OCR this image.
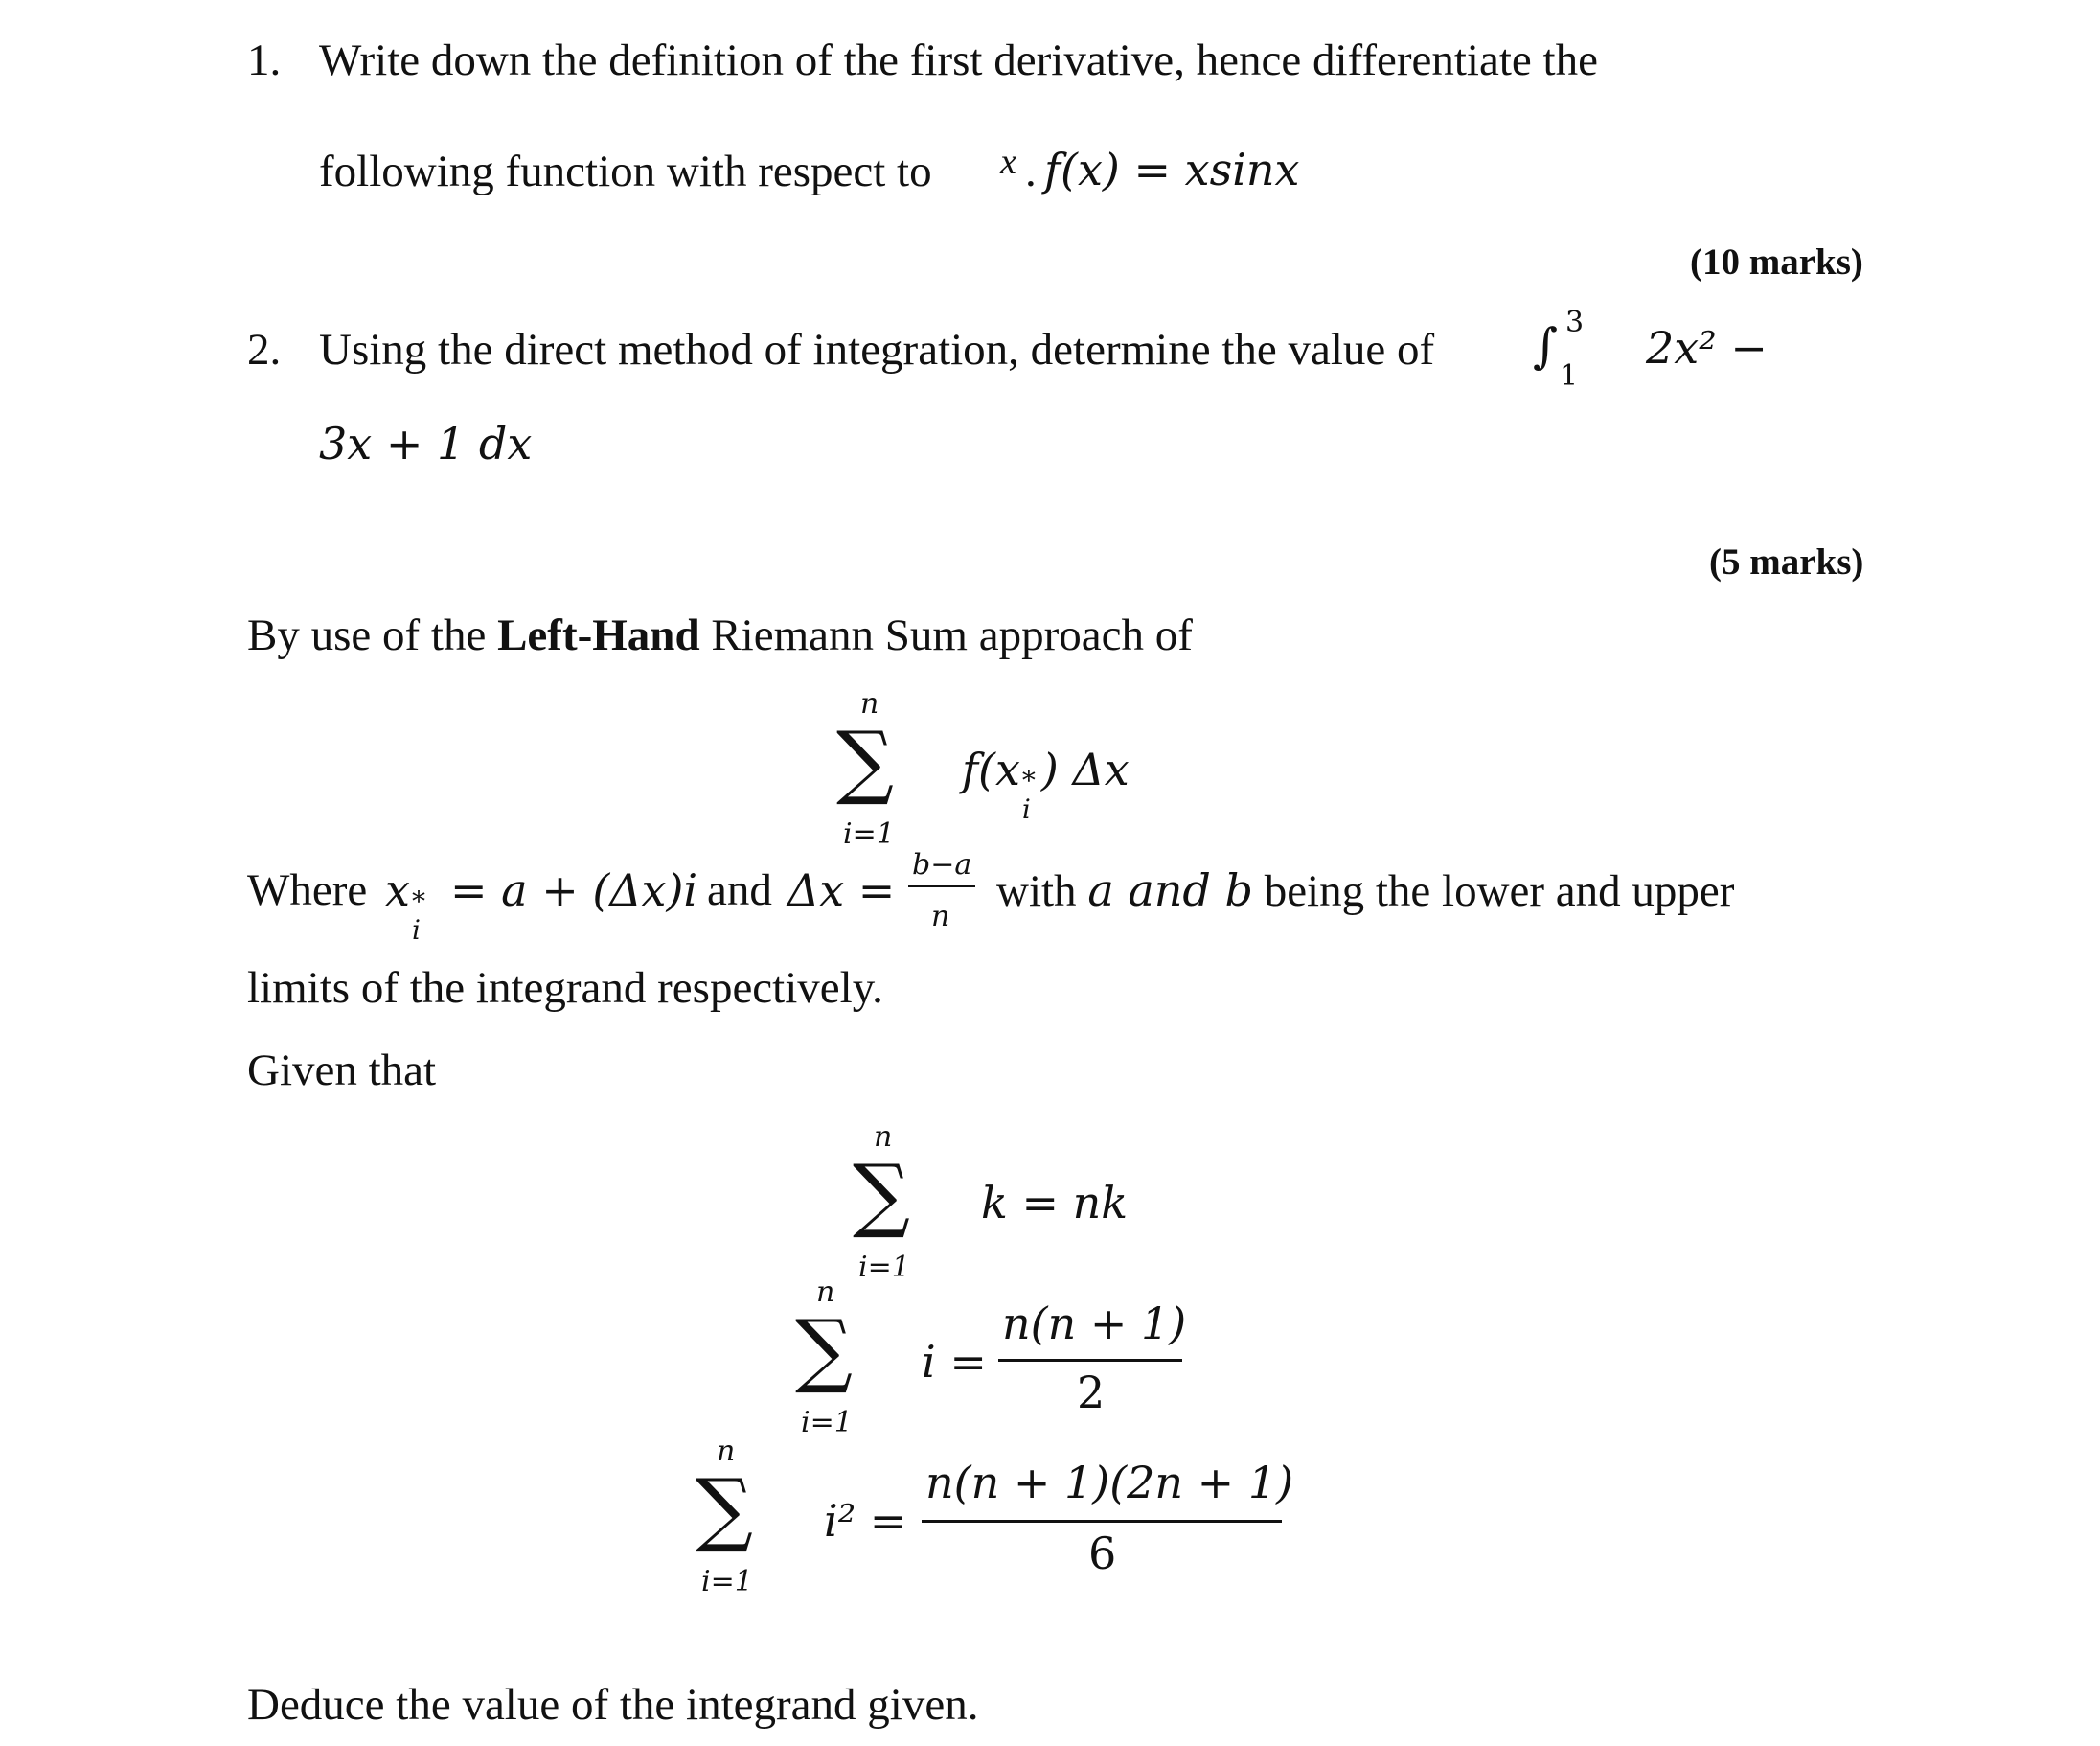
1. Write down the definition of the first derivative, hence differentiate the
following function with respect to x . f(x) = xsinx
(10 marks)
2. Using the direct method of integration, determine the value of ∫ 3
1
2x² −
3x + 1 dx
(5 marks)
By use of the Left-Hand Riemann Sum approach of
n
∑
i=1
f(x *
i
) Δx
Where x *
i
= a + (Δx)i and Δx = b−a
n
with a and b being the lower and upper
limits of the integrand respectively.
Given that
n
∑
i=1
k = nk
n
∑
i=1
i =
n(n + 1)
2
n
∑
i=1
i² =
n(n + 1)(2n + 1)
6
Deduce the value of the integrand given.
